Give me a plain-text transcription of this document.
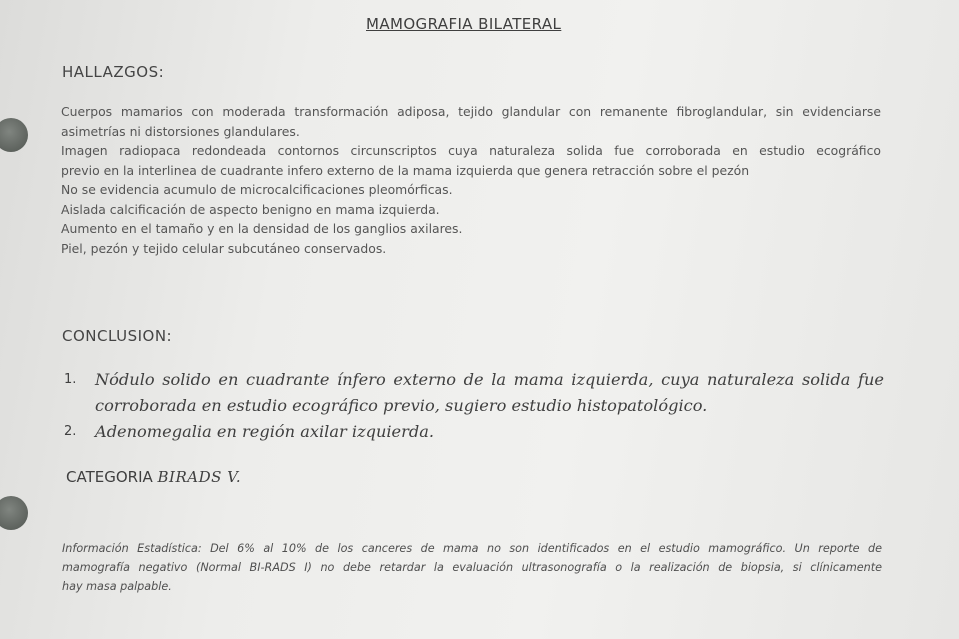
MAMOGRAFIA BILATERAL
HALLAZGOS:
Cuerpos mamarios con moderada transformación adiposa, tejido glandular con remanente fibroglandular, sin evidenciarse
asimetrías ni distorsiones glandulares.
Imagen radiopaca redondeada contornos circunscriptos cuya naturaleza solida fue corroborada en estudio ecográfico
previo en la interlinea de cuadrante infero externo de la mama izquierda que genera retracción sobre el pezón
No se evidencia acumulo de microcalcificaciones pleomórficas.
Aislada calcificación de aspecto benigno en mama izquierda.
Aumento en el tamaño y en la densidad de los ganglios axilares.
Piel, pezón y tejido celular subcutáneo conservados.
CONCLUSION:
1. Nódulo solido en cuadrante ínfero externo de la mama izquierda, cuya naturaleza solida fue
corroborada en estudio ecográfico previo, sugiero estudio histopatológico.
2. Adenomegalia en región axilar izquierda.
CATEGORIA BIRADS V.
Información Estadística: Del 6% al 10% de los canceres de mama no son identificados en el estudio mamográfico. Un reporte de
mamografía negativo (Normal BI-RADS I) no debe retardar la evaluación ultrasonografía o la realización de biopsia, si clínicamente
hay masa palpable.
